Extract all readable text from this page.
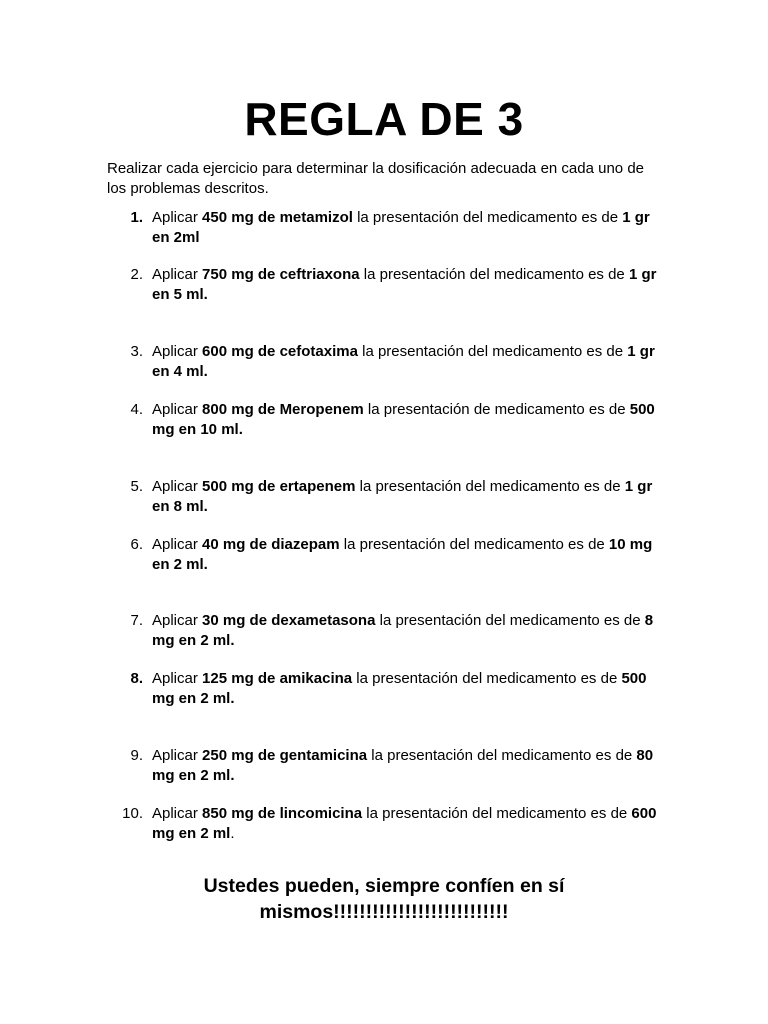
REGLA DE 3
Realizar cada ejercicio para determinar la dosificación adecuada en cada uno de los problemas descritos.
1. Aplicar 450 mg de metamizol la presentación del medicamento es de 1 gr en 2ml
2. Aplicar 750 mg de ceftriaxona la presentación del medicamento es de 1 gr en 5 ml.
3. Aplicar 600 mg de cefotaxima la presentación del medicamento es de 1 gr en 4 ml.
4. Aplicar 800 mg de Meropenem la presentación de medicamento es de 500 mg en 10 ml.
5. Aplicar 500 mg de ertapenem la presentación del medicamento es de 1 gr en 8 ml.
6. Aplicar 40 mg de diazepam la presentación del medicamento es de 10 mg en 2 ml.
7. Aplicar 30 mg de dexametasona la presentación del medicamento es de 8 mg en 2 ml.
8. Aplicar 125 mg de amikacina la presentación del medicamento es de 500 mg en 2 ml.
9. Aplicar 250 mg de gentamicina la presentación del medicamento es de 80 mg en 2 ml.
10. Aplicar 850 mg de lincomicina la presentación del medicamento es de 600 mg en 2 ml.
Ustedes pueden, siempre confíen en sí mismos!!!!!!!!!!!!!!!!!!!!!!!!!!!
